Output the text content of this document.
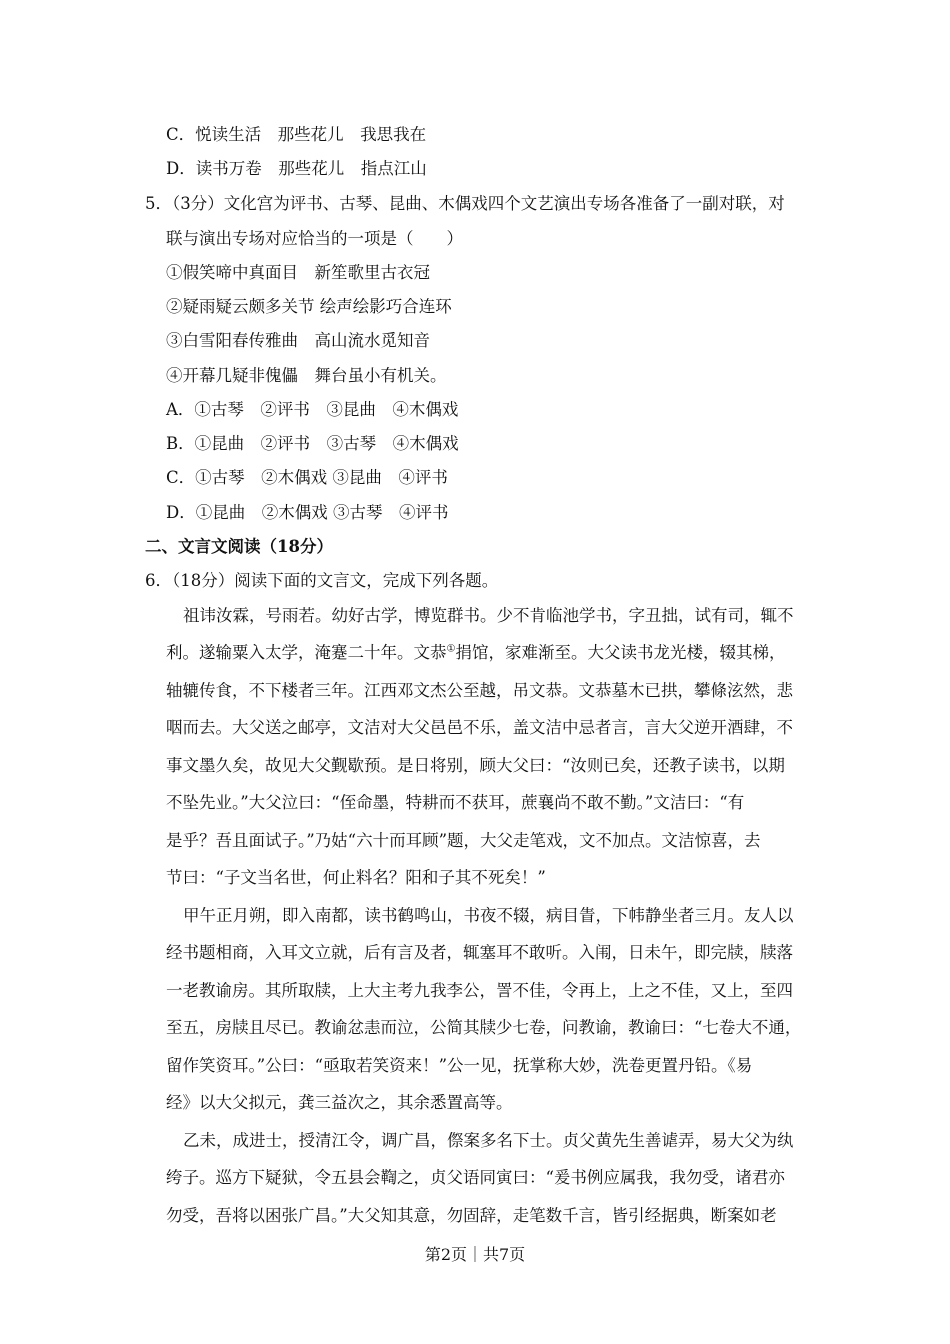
C．悦读生活　那些花儿　我思我在
D．读书万卷　那些花儿　指点江山
5．（3分）文化宫为评书、古琴、昆曲、木偶戏四个文艺演出专场各准备了一副对联，对
联与演出专场对应恰当的一项是（　　）
①假笑啼中真面目　新笙歌里古衣冠
②疑雨疑云颇多关节 绘声绘影巧合连环
③白雪阳春传雅曲　高山流水觅知音
④开幕几疑非傀儡　舞台虽小有机关。
A．①古琴　②评书　③昆曲　④木偶戏
B．①昆曲　②评书　③古琴　④木偶戏
C．①古琴　②木偶戏 ③昆曲　④评书
D．①昆曲　②木偶戏 ③古琴　④评书
二、文言文阅读（18分）
6．（18分）阅读下面的文言文，完成下列各题。
祖讳汝霖，号雨若。幼好古学，博览群书。少不肯临池学书，字丑拙，试有司，辄不
利。遂输粟入太学，淹蹇二十年。文恭①捐馆，家难渐至。大父读书龙光楼，辍其梯，
轴辘传食，不下楼者三年。江西邓文杰公至越，吊文恭。文恭墓木已拱，攀條泫然，悲
咽而去。大父送之邮亭，文洁对大父邑邑不乐，盖文洁中忌者言，言大父逆开酒肆，不
事文墨久矣，故见大父觐歇预。是日将别，顾大父曰：“汝则已矣，还教子读书，以期
不坠先业。”大父泣曰：“侄命墨，特耕而不获耳，蔗襄尚不敢不勤。”文洁曰：“有
是乎？吾且面试子。”乃姑“六十而耳顾”题，大父走笔戏，文不加点。文洁惊喜，去
节曰：“子文当名世，何止料名？阳和子其不死矣！”
甲午正月朔，即入南都，读书鹤鸣山，书夜不辍，病目眚，下帏静坐者三月。友人以
经书题相商，入耳文立就，后有言及者，辄塞耳不敢听。入闱，日未午，即完牍，牍落
一老教谕房。其所取牍，上大主考九我李公，詈不佳，令再上，上之不佳，又上，至四
至五，房牍且尽已。教谕忿恚而泣，公简其牍少七卷，问教谕，教谕曰：“七卷大不通，
留作笑资耳。”公曰：“亟取若笑资来！”公一见，抚掌称大妙，洗卷更置丹铅。《易
经》以大父拟元，龚三益次之，其余悉置高等。
乙未，成进士，授清江令，调广昌，傺案多名下士。贞父黄先生善谑弄，易大父为纨
绔子。巡方下疑狱，令五县会鞫之，贞父语同寅曰：“爰书例应属我，我勿受，诸君亦
勿受，吾将以困张广昌。”大父知其意，勿固辞，走笔数千言，皆引经据典，断案如老
第2页｜共7页
